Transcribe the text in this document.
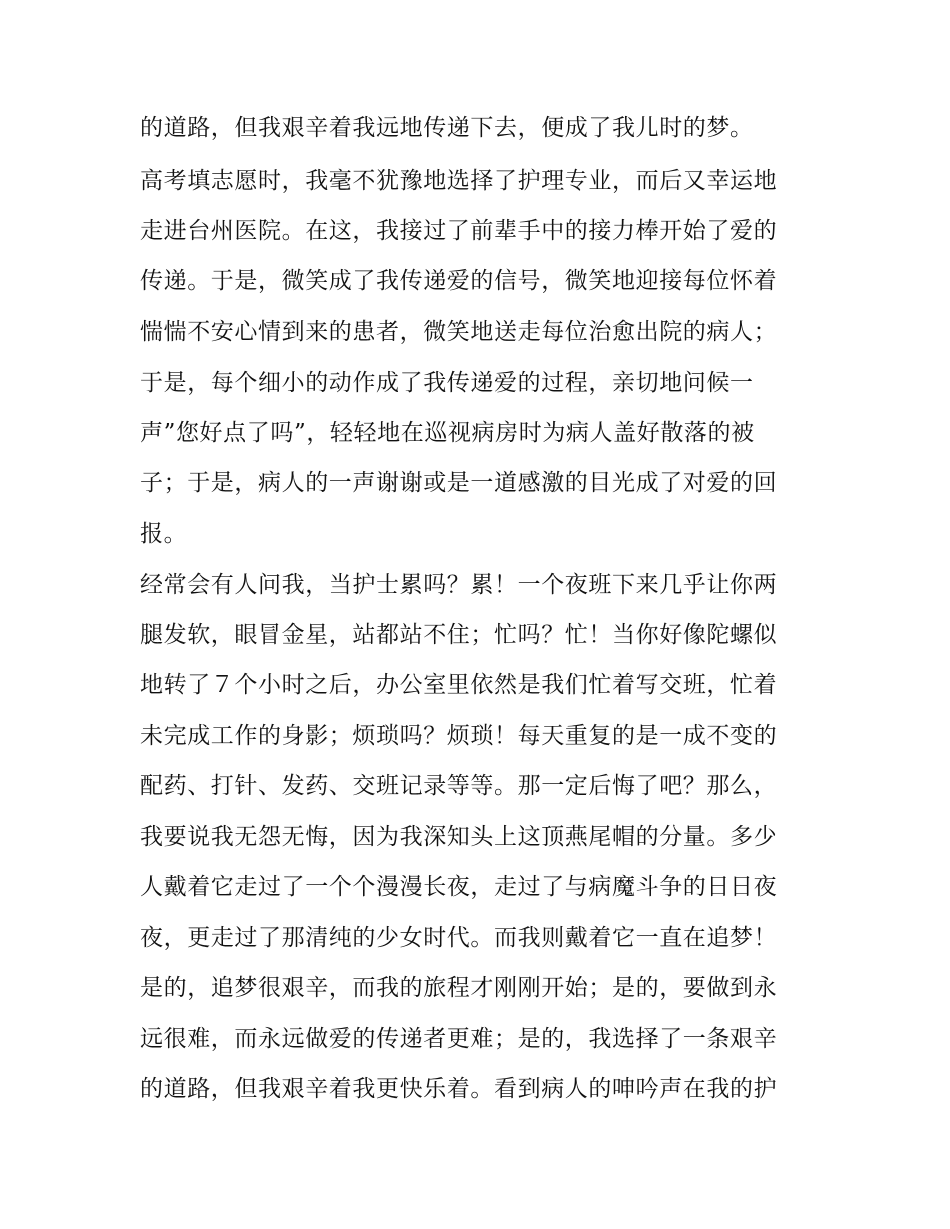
的道路，但我艰辛着我远地传递下去，便成了我儿时的梦。
高考填志愿时，我毫不犹豫地选择了护理专业，而后又幸运地
走进台州医院。在这，我接过了前辈手中的接力棒开始了爱的
传递。于是，微笑成了我传递爱的信号，微笑地迎接每位怀着
惴惴不安心情到来的患者，微笑地送走每位治愈出院的病人；
于是，每个细小的动作成了我传递爱的过程，亲切地问候一
声”您好点了吗”，轻轻地在巡视病房时为病人盖好散落的被
子；于是，病人的一声谢谢或是一道感激的目光成了对爱的回
报。
经常会有人问我，当护士累吗？累！一个夜班下来几乎让你两
腿发软，眼冒金星，站都站不住；忙吗？忙！当你好像陀螺似
地转了７个小时之后，办公室里依然是我们忙着写交班，忙着
未完成工作的身影；烦琐吗？烦琐！每天重复的是一成不变的
配药、打针、发药、交班记录等等。那一定后悔了吧？那么，
我要说我无怨无悔，因为我深知头上这顶燕尾帽的分量。多少
人戴着它走过了一个个漫漫长夜，走过了与病魔斗争的日日夜
夜，更走过了那清纯的少女时代。而我则戴着它一直在追梦！
是的，追梦很艰辛，而我的旅程才刚刚开始；是的，要做到永
远很难，而永远做爱的传递者更难；是的，我选择了一条艰辛
的道路，但我艰辛着我更快乐着。看到病人的呻吟声在我的护
